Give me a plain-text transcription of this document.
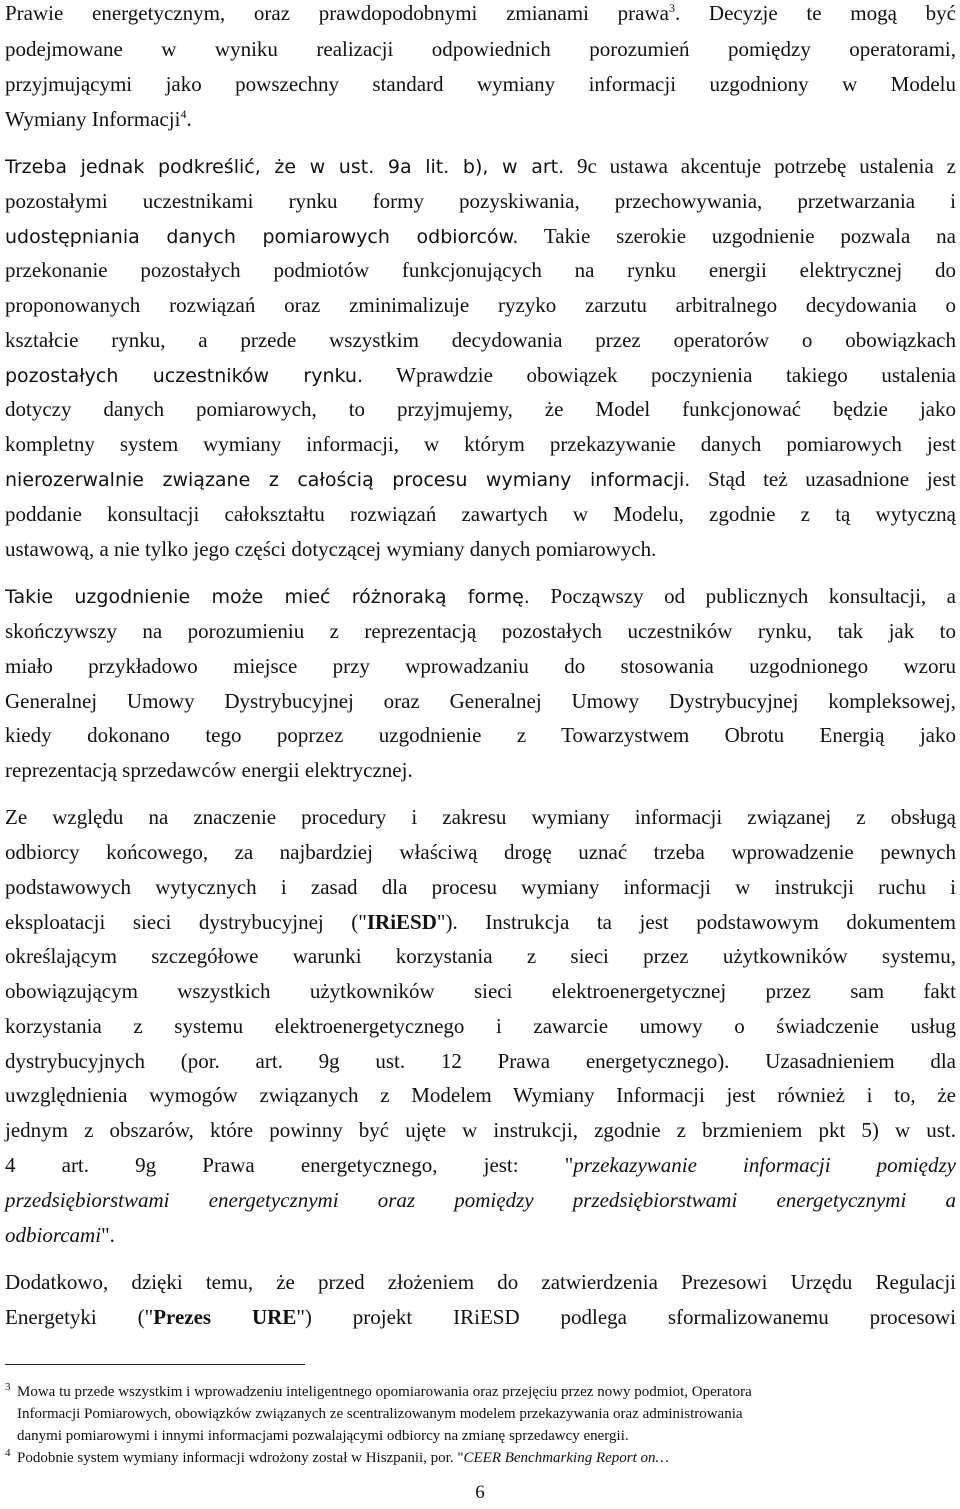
Prawie energetycznym, oraz prawdopodobnymi zmianami prawa$^3$. Decyzje te mogą być
podejmowane w wyniku realizacji odpowiednich porozumień pomiędzy operatorami,
przyjmującymi jako powszechny standard wymiany informacji uzgodniony w Modelu
Wymiany Informacji$^4$.
Trzeba jednak podkreślić, że w ust. 9a lit. b), w art. 9c ustawa akcentuje potrzebę ustalenia z
pozostałymi uczestnikami rynku formy pozyskiwania, przechowywania, przetwarzania i
udostępniania danych pomiarowych odbiorców. Takie szerokie uzgodnienie pozwala na
przekonanie pozostałych podmiotów funkcjonujących na rynku energii elektrycznej do
proponowanych rozwiązań oraz zminimalizuje ryzyko zarzutu arbitralnego decydowania o
kształcie rynku, a przede wszystkim decydowania przez operatorów o obowiązkach
pozostałych uczestników rynku. Wprawdzie obowiązek poczynienia takiego ustalenia
dotyczy danych pomiarowych, to przyjmujemy, że Model funkcjonować będzie jako
kompletny system wymiany informacji, w którym przekazywanie danych pomiarowych jest
nierozerwalnie związane z całością procesu wymiany informacji. Stąd też uzasadnione jest
poddanie konsultacji całokształtu rozwiązań zawartych w Modelu, zgodnie z tą wytyczną
ustawową, a nie tylko jego części dotyczącej wymiany danych pomiarowych.
Takie uzgodnienie może mieć różnoraką formę. Począwszy od publicznych konsultacji, a
skończywszy na porozumieniu z reprezentacją pozostałych uczestników rynku, tak jak to
miało przykładowo miejsce przy wprowadzaniu do stosowania uzgodnionego wzoru
Generalnej Umowy Dystrybucyjnej oraz Generalnej Umowy Dystrybucyjnej kompleksowej,
kiedy dokonano tego poprzez uzgodnienie z Towarzystwem Obrotu Energią jako
reprezentacją sprzedawców energii elektrycznej.
Ze względu na znaczenie procedury i zakresu wymiany informacji związanej z obsługą
odbiorcy końcowego, za najbardziej właściwą drogę uznać trzeba wprowadzenie pewnych
podstawowych wytycznych i zasad dla procesu wymiany informacji w instrukcji ruchu i
eksploatacji sieci dystrybucyjnej ("IRiESD"). Instrukcja ta jest podstawowym dokumentem
określającym szczegółowe warunki korzystania z sieci przez użytkowników systemu,
obowiązującym wszystkich użytkowników sieci elektroenergetycznej przez sam fakt
korzystania z systemu elektroenergetycznego i zawarcie umowy o świadczenie usług
dystrybucyjnych (por. art. 9g ust. 12 Prawa energetycznego). Uzasadnieniem dla
uwzględnienia wymogów związanych z Modelem Wymiany Informacji jest również i to, że
jednym z obszarów, które powinny być ujęte w instrukcji, zgodnie z brzmieniem pkt 5) w ust.
4 art. 9g Prawa energetycznego, jest: "przekazywanie informacji pomiędzy
przedsiębiorstwami energetycznymi oraz pomiędzy przedsiębiorstwami energetycznymi a
odbiorcami".
Dodatkowo, dzięki temu, że przed złożeniem do zatwierdzenia Prezesowi Urzędu Regulacji
Energetyki ("Prezes URE") projekt IRiESD podlega sformalizowanemu procesowi
3 Mowa tu przede wszystkim i wprowadzeniu inteligentnego opomiarowania oraz przejęciu przez nowy podmiot, Operatora
Informacji Pomiarowych, obowiązków związanych ze scentralizowanym modelem przekazywania oraz administrowania
danymi pomiarowymi i innymi informacjami pozwalającymi odbiorcy na zmianę sprzedawcy energii.
4 Podobnie system wymiany informacji wdrożony został w Hiszpanii, por. "CEER Benchmarking Report on…
6
